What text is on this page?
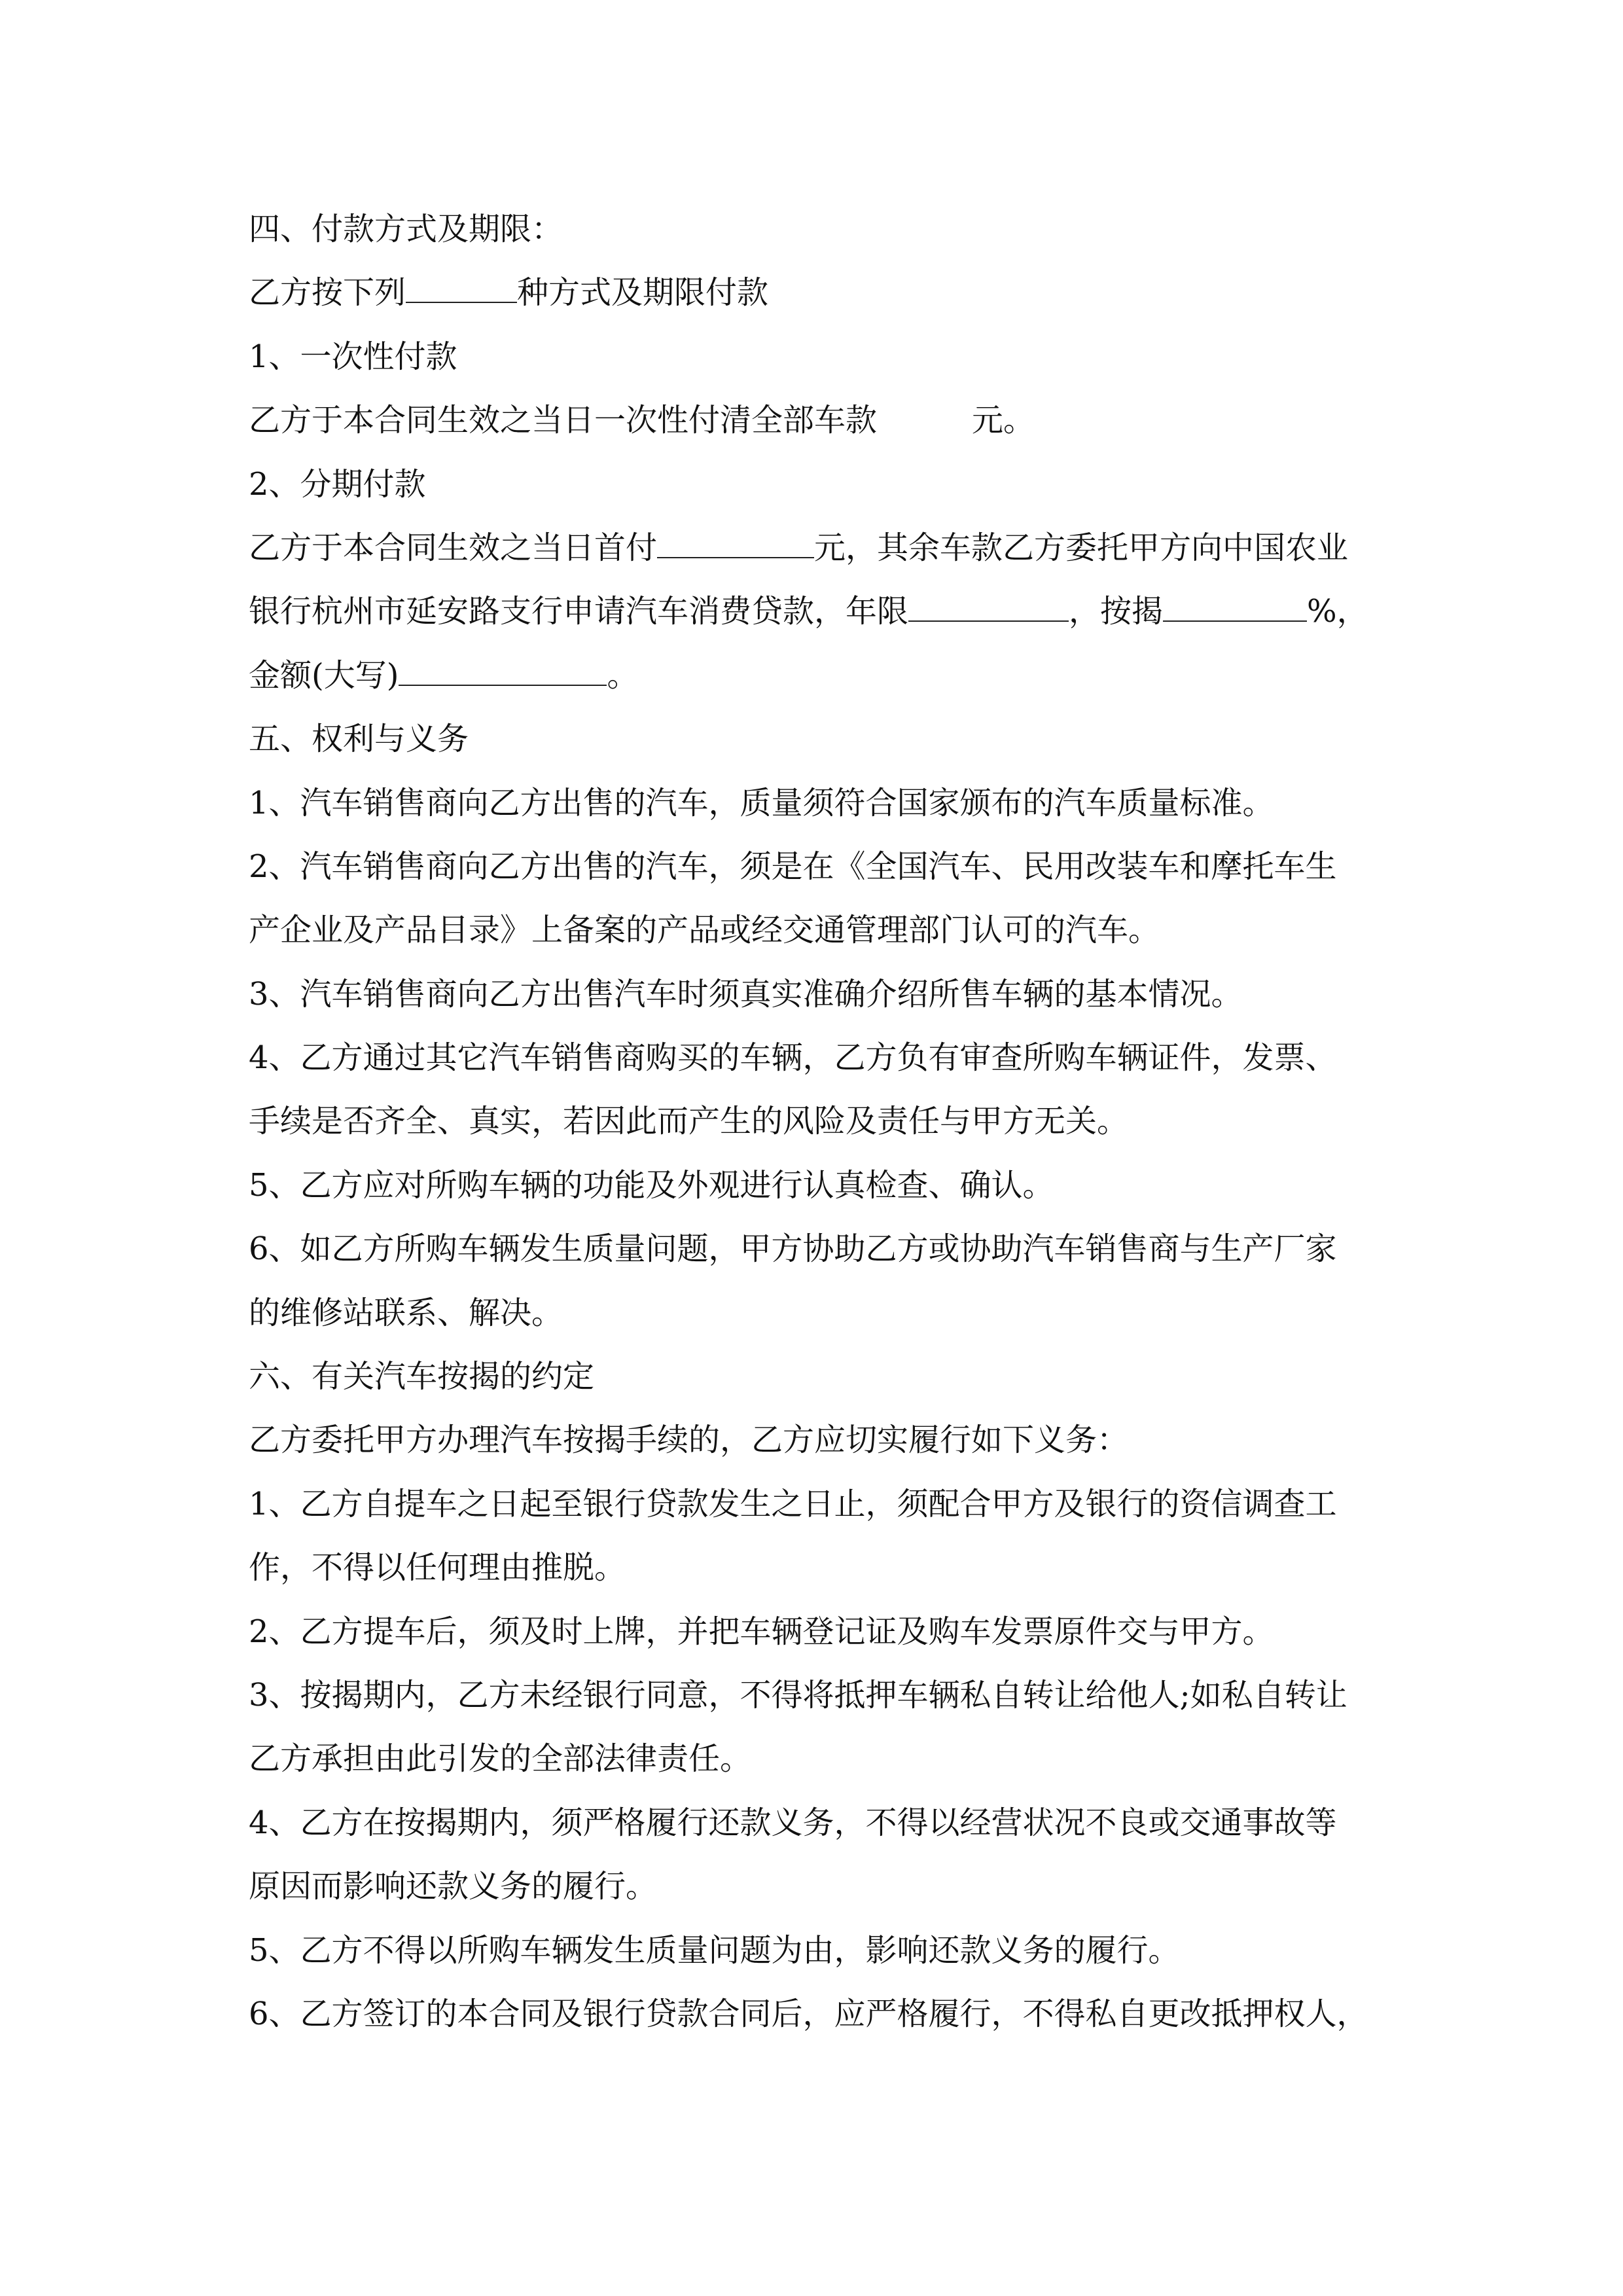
四、付款方式及期限：
乙方按下列	种方式及期限付款
1、一次性付款
乙方于本合同生效之当日一次性付清全部车款	元。
2、分期付款
乙方于本合同生效之当日首付	元，其余车款乙方委托甲方向中国农业
银行杭州市延安路支行申请汽车消费贷款，年限	，按揭	%，
金额(大写)	。
五、权利与义务
1、汽车销售商向乙方出售的汽车，质量须符合国家颁布的汽车质量标准。
2、汽车销售商向乙方出售的汽车，须是在《全国汽车、民用改装车和摩托车生
产企业及产品目录》上备案的产品或经交通管理部门认可的汽车。
3、汽车销售商向乙方出售汽车时须真实准确介绍所售车辆的基本情况。
4、乙方通过其它汽车销售商购买的车辆，乙方负有审查所购车辆证件，发票、
手续是否齐全、真实，若因此而产生的风险及责任与甲方无关。
5、乙方应对所购车辆的功能及外观进行认真检查、确认。
6、如乙方所购车辆发生质量问题，甲方协助乙方或协助汽车销售商与生产厂家
的维修站联系、解决。
六、有关汽车按揭的约定
乙方委托甲方办理汽车按揭手续的，乙方应切实履行如下义务：
1、乙方自提车之日起至银行贷款发生之日止，须配合甲方及银行的资信调查工
作，不得以任何理由推脱。
2、乙方提车后，须及时上牌，并把车辆登记证及购车发票原件交与甲方。
3、按揭期内，乙方未经银行同意，不得将抵押车辆私自转让给他人;如私自转让
乙方承担由此引发的全部法律责任。
4、乙方在按揭期内，须严格履行还款义务，不得以经营状况不良或交通事故等
原因而影响还款义务的履行。
5、乙方不得以所购车辆发生质量问题为由，影响还款义务的履行。
6、乙方签订的本合同及银行贷款合同后，应严格履行，不得私自更改抵押权人，
